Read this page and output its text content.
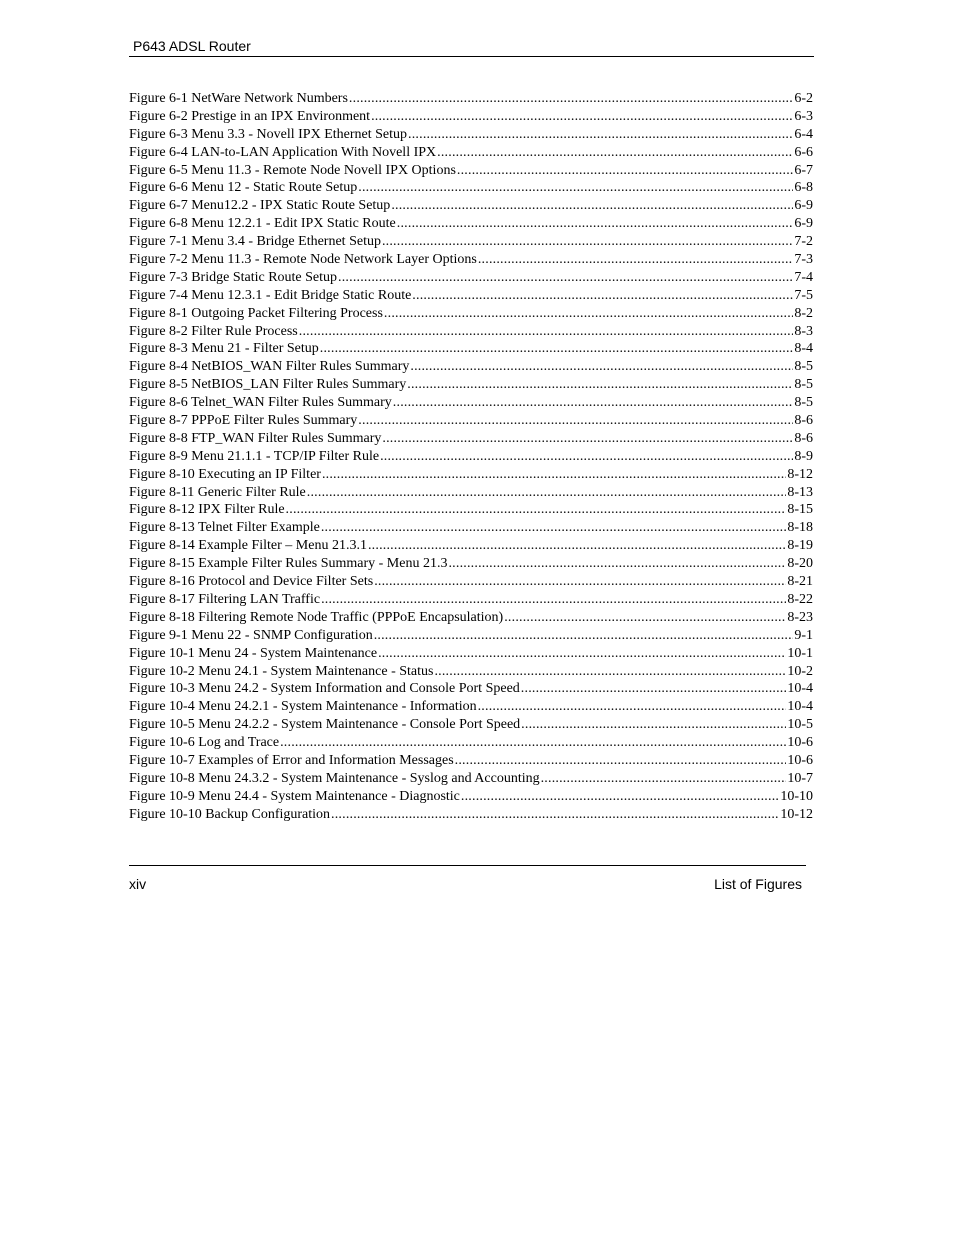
P643 ADSL Router
Figure 6-1 NetWare Network Numbers .....	6-2
Figure 6-2 Prestige in an IPX Environment .....	6-3
Figure 6-3 Menu 3.3 - Novell IPX Ethernet Setup .....	6-4
Figure 6-4 LAN-to-LAN Application With Novell IPX .....	6-6
Figure 6-5 Menu 11.3 - Remote Node Novell IPX Options .....	6-7
Figure 6-6 Menu 12 - Static Route Setup .....	6-8
Figure 6-7 Menu12.2 - IPX Static Route Setup .....	6-9
Figure 6-8 Menu 12.2.1 - Edit IPX Static Route .....	6-9
Figure 7-1 Menu 3.4 - Bridge Ethernet Setup .....	7-2
Figure 7-2 Menu 11.3 - Remote Node Network Layer Options .....	7-3
Figure 7-3 Bridge Static Route Setup .....	7-4
Figure 7-4 Menu 12.3.1 - Edit Bridge Static Route .....	7-5
Figure 8-1 Outgoing Packet Filtering Process .....	8-2
Figure 8-2 Filter Rule Process .....	8-3
Figure 8-3 Menu 21 - Filter Setup .....	8-4
Figure 8-4 NetBIOS_WAN Filter Rules Summary .....	8-5
Figure 8-5 NetBIOS_LAN Filter Rules Summary .....	8-5
Figure 8-6 Telnet_WAN Filter Rules Summary .....	8-5
Figure 8-7 PPPoE Filter Rules Summary .....	8-6
Figure 8-8 FTP_WAN Filter Rules Summary .....	8-6
Figure 8-9 Menu 21.1.1 - TCP/IP Filter Rule .....	8-9
Figure 8-10 Executing an IP Filter .....	8-12
Figure 8-11 Generic Filter Rule .....	8-13
Figure 8-12 IPX Filter Rule .....	8-15
Figure 8-13 Telnet Filter Example .....	8-18
Figure 8-14 Example Filter – Menu 21.3.1 .....	8-19
Figure 8-15 Example Filter Rules Summary - Menu 21.3 .....	8-20
Figure 8-16 Protocol and Device Filter Sets .....	8-21
Figure 8-17 Filtering LAN Traffic .....	8-22
Figure 8-18 Filtering Remote Node Traffic (PPPoE Encapsulation) .....	8-23
Figure 9-1 Menu 22 - SNMP Configuration .....	9-1
Figure 10-1 Menu 24 - System Maintenance .....	10-1
Figure 10-2 Menu 24.1 - System Maintenance - Status .....	10-2
Figure 10-3 Menu 24.2 - System Information and Console Port Speed .....	10-4
Figure 10-4 Menu 24.2.1 - System Maintenance - Information .....	10-4
Figure 10-5 Menu 24.2.2 - System Maintenance - Console Port Speed .....	10-5
Figure 10-6 Log and Trace .....	10-6
Figure 10-7 Examples of Error and Information Messages .....	10-6
Figure 10-8 Menu 24.3.2 - System Maintenance - Syslog and Accounting .....	10-7
Figure 10-9 Menu 24.4 - System Maintenance - Diagnostic .....	10-10
Figure 10-10 Backup Configuration .....	10-12
xiv	List of Figures
